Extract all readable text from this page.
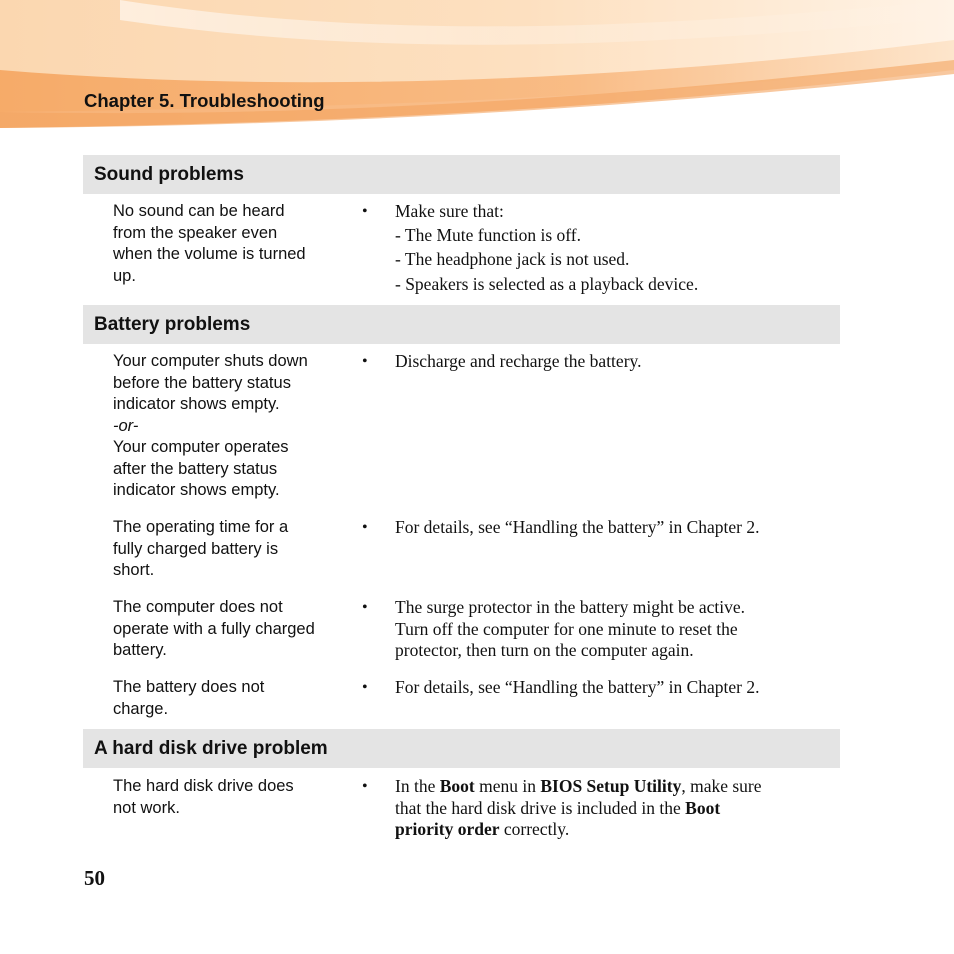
Chapter 5. Troubleshooting
Sound problems
No sound can be heard
from the speaker even
when the volume is turned
up.
• Make sure that:
- The Mute function is off.
- The headphone jack is not used.
- Speakers is selected as a playback device.
Battery problems
Your computer shuts down
before the battery status
indicator shows empty.
-or-
Your computer operates
after the battery status
indicator shows empty.
• Discharge and recharge the battery.
The operating time for a
fully charged battery is
short.
• For details, see “Handling the battery” in Chapter 2.
The computer does not
operate with a fully charged
battery.
• The surge protector in the battery might be active.
Turn off the computer for one minute to reset the
protector, then turn on the computer again.
The battery does not
charge.
• For details, see “Handling the battery” in Chapter 2.
A hard disk drive problem
The hard disk drive does
not work.
• In the Boot menu in BIOS Setup Utility, make sure
that the hard disk drive is included in the Boot
priority order correctly.
50
